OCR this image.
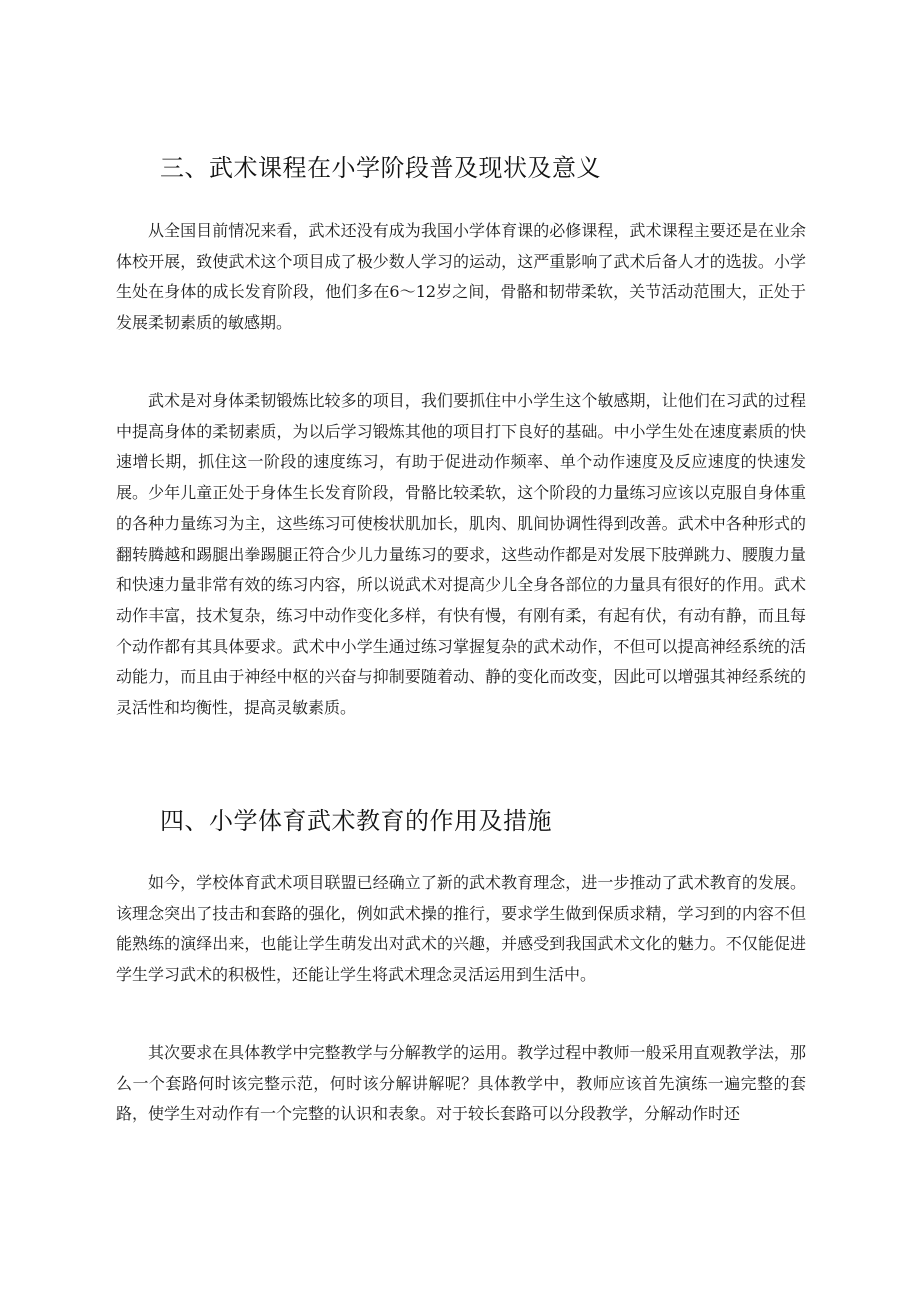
三、武术课程在小学阶段普及现状及意义

从全国目前情况来看，武术还没有成为我国小学体育课的必修课程，武术课程主要还是在业余体校开展，致使武术这个项目成了极少数人学习的运动，这严重影响了武术后备人才的选拔。小学生处在身体的成长发育阶段，他们多在6～12岁之间，骨骼和韧带柔软，关节活动范围大，正处于发展柔韧素质的敏感期。

武术是对身体柔韧锻炼比较多的项目，我们要抓住中小学生这个敏感期，让他们在习武的过程中提高身体的柔韧素质，为以后学习锻炼其他的项目打下良好的基础。中小学生处在速度素质的快速增长期，抓住这一阶段的速度练习，有助于促进动作频率、单个动作速度及反应速度的快速发展。少年儿童正处于身体生长发育阶段，骨骼比较柔软，这个阶段的力量练习应该以克服自身体重的各种力量练习为主，这些练习可使梭状肌加长，肌肉、肌间协调性得到改善。武术中各种形式的翻转腾越和踢腿出拳踢腿正符合少儿力量练习的要求，这些动作都是对发展下肢弹跳力、腰腹力量和快速力量非常有效的练习内容，所以说武术对提高少儿全身各部位的力量具有很好的作用。武术动作丰富，技术复杂，练习中动作变化多样，有快有慢，有刚有柔，有起有伏，有动有静，而且每个动作都有其具体要求。武术中小学生通过练习掌握复杂的武术动作，不但可以提高神经系统的活动能力，而且由于神经中枢的兴奋与抑制要随着动、静的变化而改变，因此可以增强其神经系统的灵活性和均衡性，提高灵敏素质。

四、小学体育武术教育的作用及措施

如今，学校体育武术项目联盟已经确立了新的武术教育理念，进一步推动了武术教育的发展。该理念突出了技击和套路的强化，例如武术操的推行，要求学生做到保质求精，学习到的内容不但能熟练的演绎出来，也能让学生萌发出对武术的兴趣，并感受到我国武术文化的魅力。不仅能促进学生学习武术的积极性，还能让学生将武术理念灵活运用到生活中。

其次要求在具体教学中完整教学与分解教学的运用。教学过程中教师一般采用直观教学法，那么一个套路何时该完整示范，何时该分解讲解呢？具体教学中，教师应该首先演练一遍完整的套路，使学生对动作有一个完整的认识和表象。对于较长套路可以分段教学，分解动作时还
